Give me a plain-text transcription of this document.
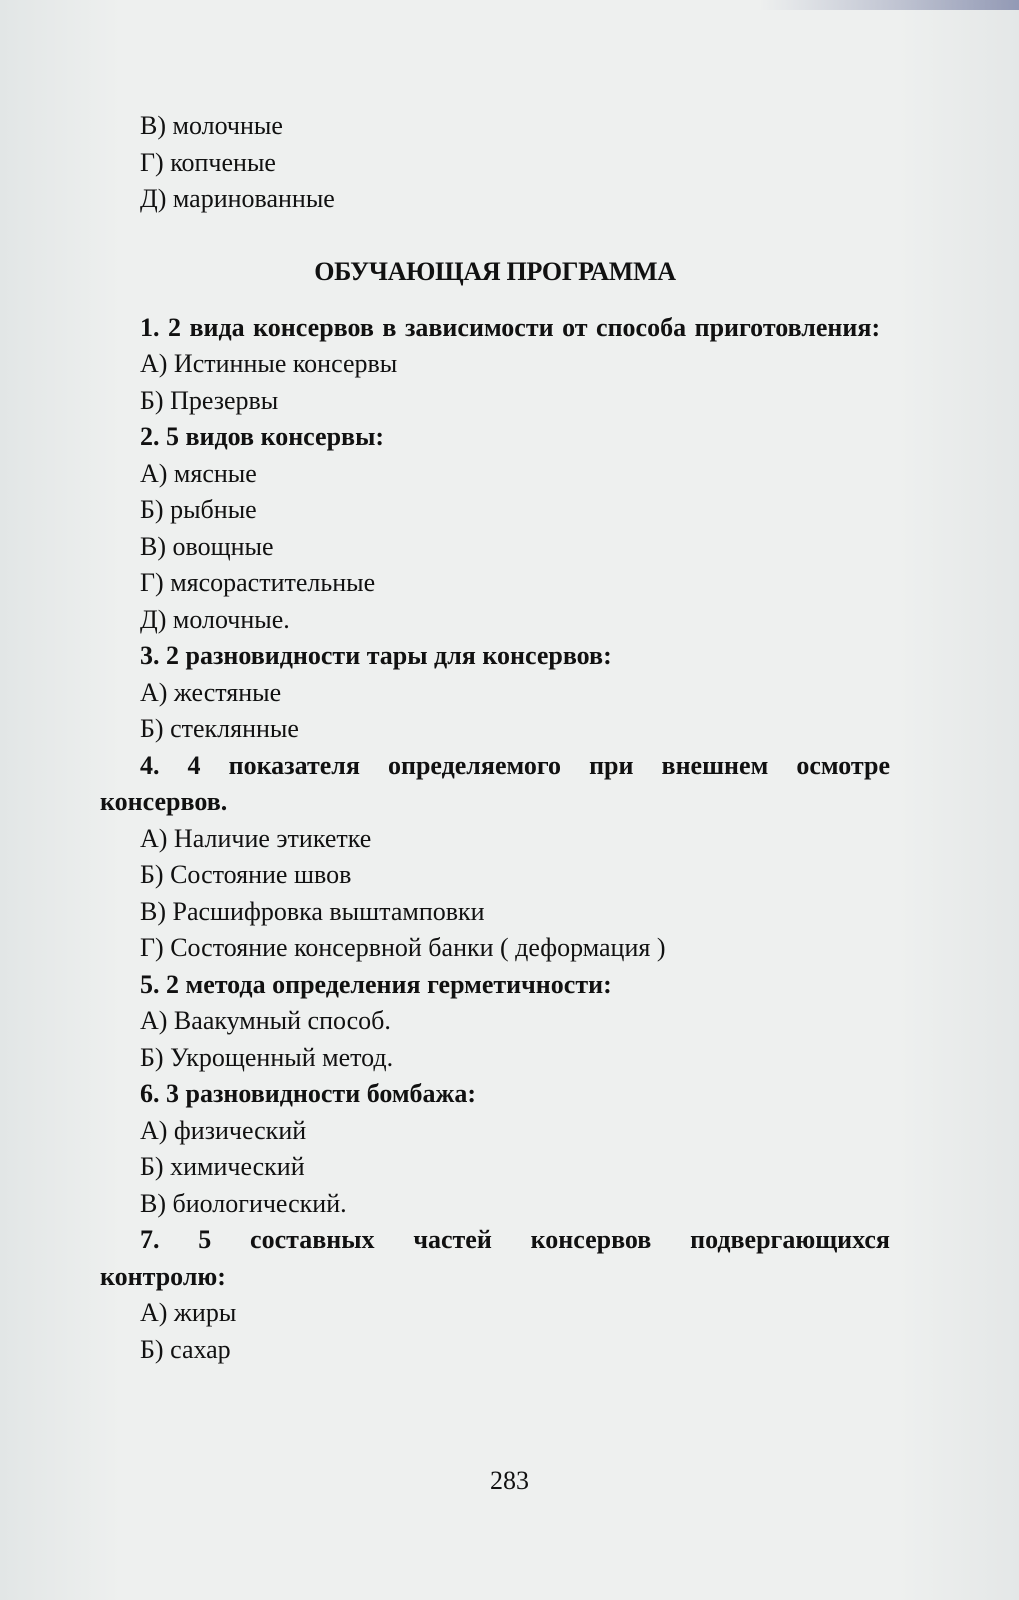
В) молочные

Г) копченые

Д) маринованные

ОБУЧАЮЩАЯ ПРОГРАММА

1. 2 вида консервов в зависимости от способа приготовления:

А) Истинные консервы

Б) Презервы

2. 5 видов консервы:

А) мясные

Б) рыбные

В) овощные

Г) мясорастительные

Д) молочные.

3. 2 разновидности тары для консервов:

А) жестяные

Б) стеклянные

4. 4 показателя определяемого при внешнем осмотре консервов.

А) Наличие этикетке

Б) Состояние швов

В) Расшифровка выштамповки

Г) Состояние консервной банки ( деформация )

5. 2 метода определения герметичности:

А) Ваакумный способ.

Б) Укрощенный метод.

6. 3 разновидности бомбажа:

А) физический

Б) химический

В) биологический.

7. 5 составных частей консервов подвергающихся контролю:

А) жиры

Б) сахар

283
